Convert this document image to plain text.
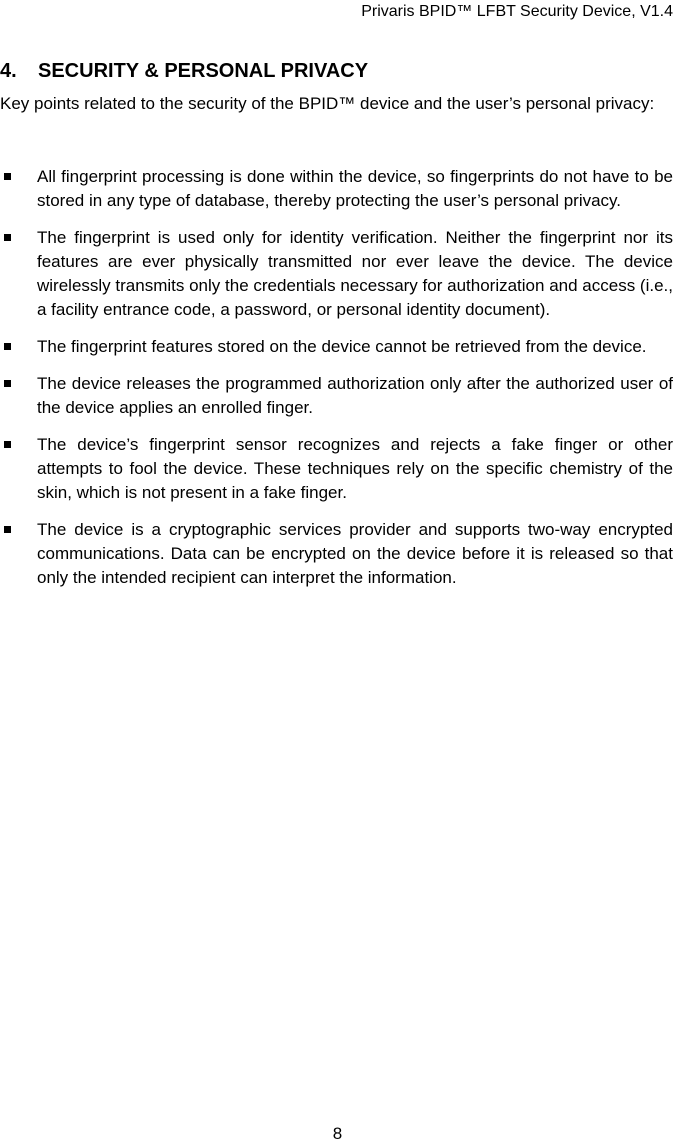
Privaris BPID™ LFBT Security Device, V1.4
4. SECURITY & PERSONAL PRIVACY

Key points related to the security of the BPID™ device and the user’s personal privacy:

All fingerprint processing is done within the device, so fingerprints do not have to be stored in any type of database, thereby protecting the user’s personal privacy.
The fingerprint is used only for identity verification. Neither the fingerprint nor its features are ever physically transmitted nor ever leave the device. The device wirelessly transmits only the credentials necessary for authorization and access (i.e., a facility entrance code, a password, or personal identity document).
The fingerprint features stored on the device cannot be retrieved from the device.
The device releases the programmed authorization only after the authorized user of the device applies an enrolled finger.
The device’s fingerprint sensor recognizes and rejects a fake finger or other attempts to fool the device. These techniques rely on the specific chemistry of the skin, which is not present in a fake finger.
The device is a cryptographic services provider and supports two-way encrypted communications. Data can be encrypted on the device before it is released so that only the intended recipient can interpret the information.
8
